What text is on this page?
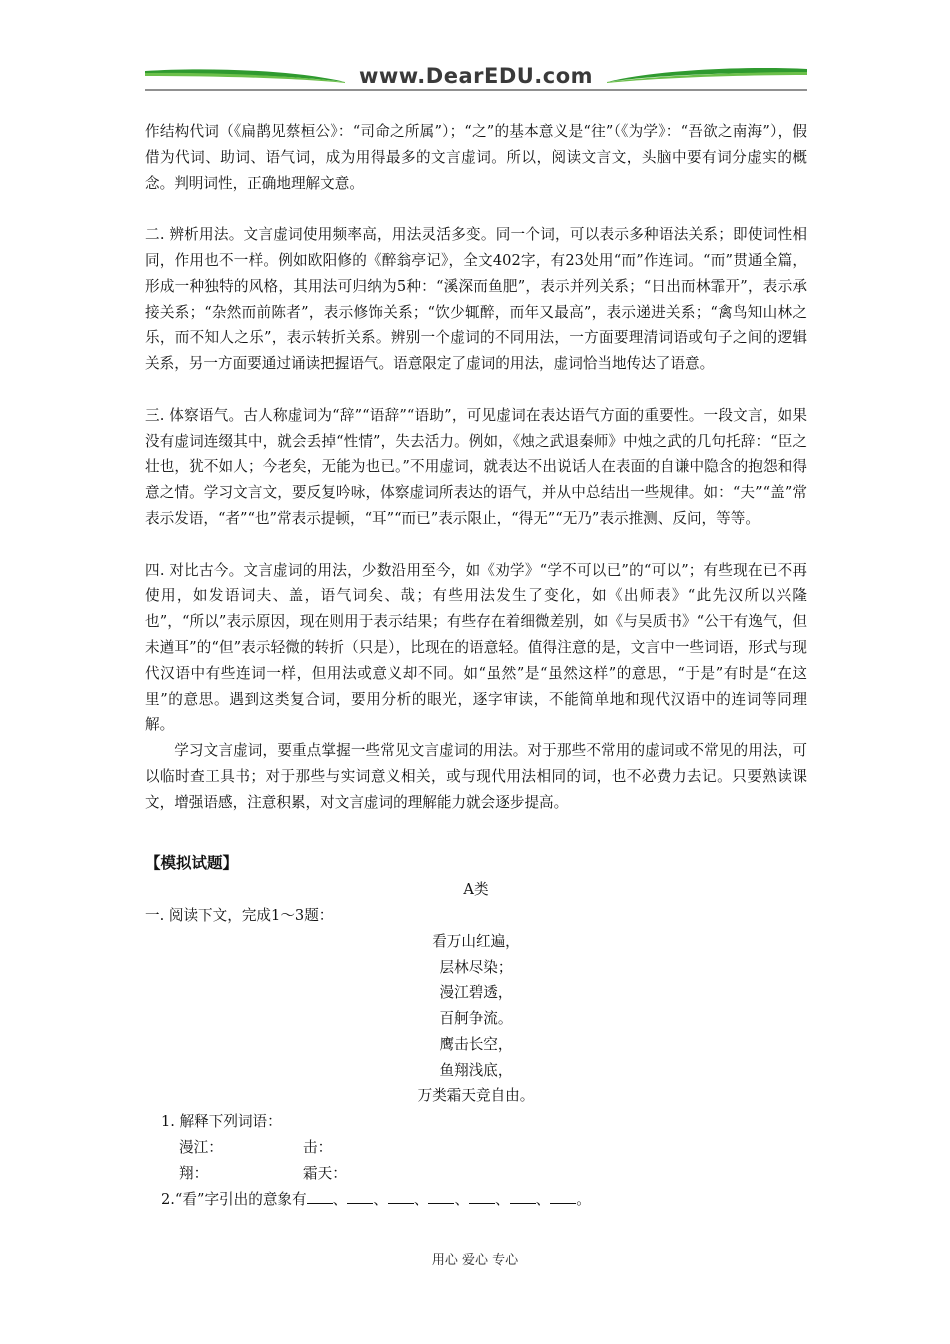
www.DearEDU.com

作结构代词（《扁鹊见蔡桓公》：“司命之所属”）；“之”的基本意义是“往”（《为学》：“吾欲之南海”），假借为代词、助词、语气词，成为用得最多的文言虚词。所以，阅读文言文，头脑中要有词分虚实的概念。判明词性，正确地理解文意。

二. 辨析用法。文言虚词使用频率高，用法灵活多变。同一个词，可以表示多种语法关系；即使词性相同，作用也不一样。例如欧阳修的《醉翁亭记》，全文402字，有23处用“而”作连词。“而”贯通全篇，形成一种独特的风格，其用法可归纳为5种：“溪深而鱼肥”，表示并列关系；“日出而林霏开”，表示承接关系；“杂然而前陈者”，表示修饰关系；“饮少辄醉，而年又最高”，表示递进关系；“禽鸟知山林之乐，而不知人之乐”，表示转折关系。辨别一个虚词的不同用法，一方面要理清词语或句子之间的逻辑关系，另一方面要通过诵读把握语气。语意限定了虚词的用法，虚词恰当地传达了语意。

三. 体察语气。古人称虚词为“辞”“语辞”“语助”，可见虚词在表达语气方面的重要性。一段文言，如果没有虚词连缀其中，就会丢掉“性情”，失去活力。例如，《烛之武退秦师》中烛之武的几句托辞：“臣之壮也，犹不如人；今老矣，无能为也已。”不用虚词，就表达不出说话人在表面的自谦中隐含的抱怨和得意之情。学习文言文，要反复吟咏，体察虚词所表达的语气，并从中总结出一些规律。如：“夫”“盖”常表示发语，“者”“也”常表示提顿，“耳”“而已”表示限止，“得无”“无乃”表示推测、反问，等等。

四. 对比古今。文言虚词的用法，少数沿用至今，如《劝学》“学不可以已”的“可以”；有些现在已不再使用，如发语词夫、盖，语气词矣、哉；有些用法发生了变化，如《出师表》“此先汉所以兴隆也”，“所以”表示原因，现在则用于表示结果；有些存在着细微差别，如《与吴质书》“公干有逸气，但未遒耳”的“但”表示轻微的转折（只是），比现在的语意轻。值得注意的是，文言中一些词语，形式与现代汉语中有些连词一样，但用法或意义却不同。如“虽然”是“虽然这样”的意思，“于是”有时是“在这里”的意思。遇到这类复合词，要用分析的眼光，逐字审读，不能简单地和现代汉语中的连词等同理解。

学习文言虚词，要重点掌握一些常见文言虚词的用法。对于那些不常用的虚词或不常见的用法，可以临时查工具书；对于那些与实词意义相关，或与现代用法相同的词，也不必费力去记。只要熟读课文，增强语感，注意积累，对文言虚词的理解能力就会逐步提高。

【模拟试题】

A类

一. 阅读下文，完成1～3题：

看万山红遍，

层林尽染；

漫江碧透，

百舸争流。

鹰击长空，

鱼翔浅底，

万类霜天竞自由。

1. 解释下列词语：

漫江：	击：

翔：	霜天：

2.“看”字引出的意象有 、 、 、 、 、 、 。

用心 爱心 专心
